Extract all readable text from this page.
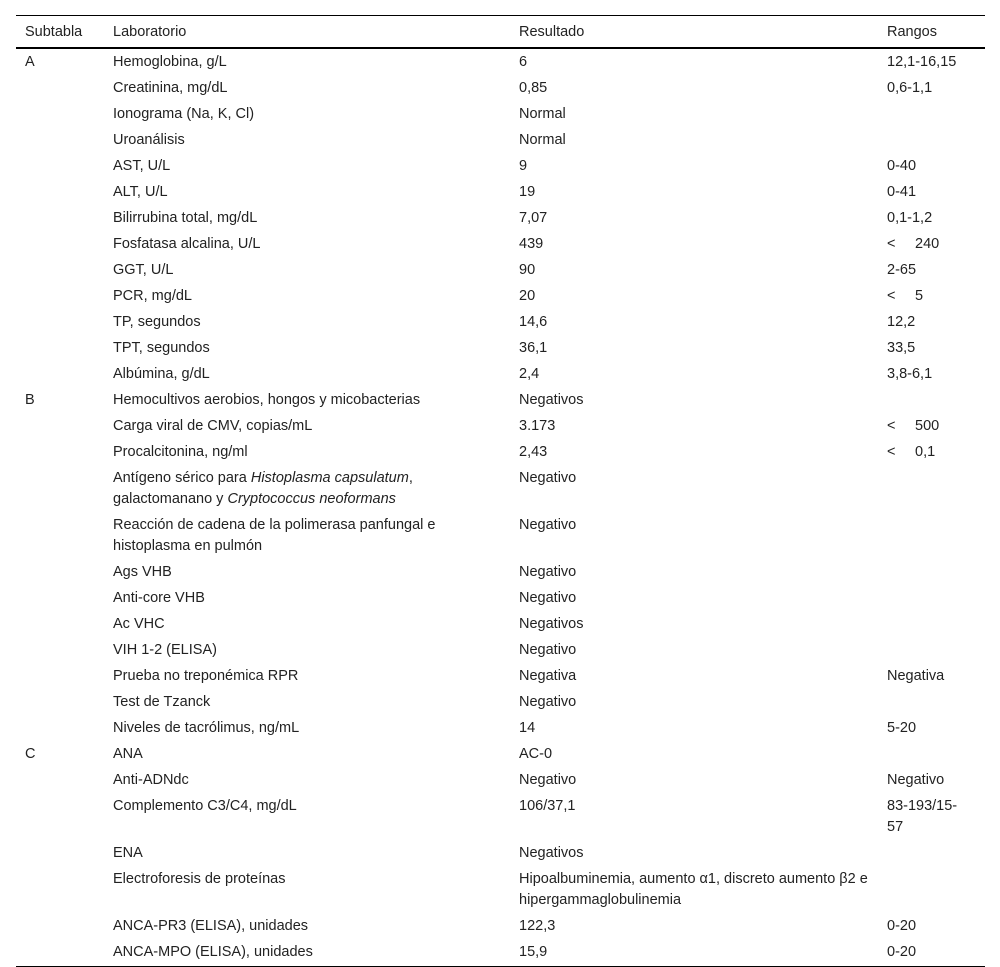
Subtabla	Laboratorio	Resultado	Rangos
A	Hemoglobina, g/L	6	12,1-16,15
	Creatinina, mg/dL	0,85	0,6-1,1
	Ionograma (Na, K, Cl)	Normal	
	Uroanálisis	Normal	
	AST, U/L	9	0-40
	ALT, U/L	19	0-41
	Bilirrubina total, mg/dL	7,07	0,1-1,2
	Fosfatasa alcalina, U/L	439	< 240
	GGT, U/L	90	2-65
	PCR, mg/dL	20	< 5
	TP, segundos	14,6	12,2
	TPT, segundos	36,1	33,5
	Albúmina, g/dL	2,4	3,8-6,1
B	Hemocultivos aerobios, hongos y micobacterias	Negativos	
	Carga viral de CMV, copias/mL	3.173	< 500
	Procalcitonina, ng/ml	2,43	< 0,1
	Antígeno sérico para Histoplasma capsulatum, galactomanano y Cryptococcus neoformans	Negativo	
	Reacción de cadena de la polimerasa panfungal e histoplasma en pulmón	Negativo	
	Ags VHB	Negativo	
	Anti-core VHB	Negativo	
	Ac VHC	Negativos	
	VIH 1-2 (ELISA)	Negativo	
	Prueba no treponémica RPR	Negativa	Negativa
	Test de Tzanck	Negativo	
	Niveles de tacrólimus, ng/mL	14	5-20
C	ANA	AC-0	
	Anti-ADNdc	Negativo	Negativo
	Complemento C3/C4, mg/dL	106/37,1	83-193/15-57
	ENA	Negativos	
	Electroforesis de proteínas	Hipoalbuminemia, aumento α1, discreto aumento β2 e hipergammaglobulinemia	
	ANCA-PR3 (ELISA), unidades	122,3	0-20
	ANCA-MPO (ELISA), unidades	15,9	0-20
